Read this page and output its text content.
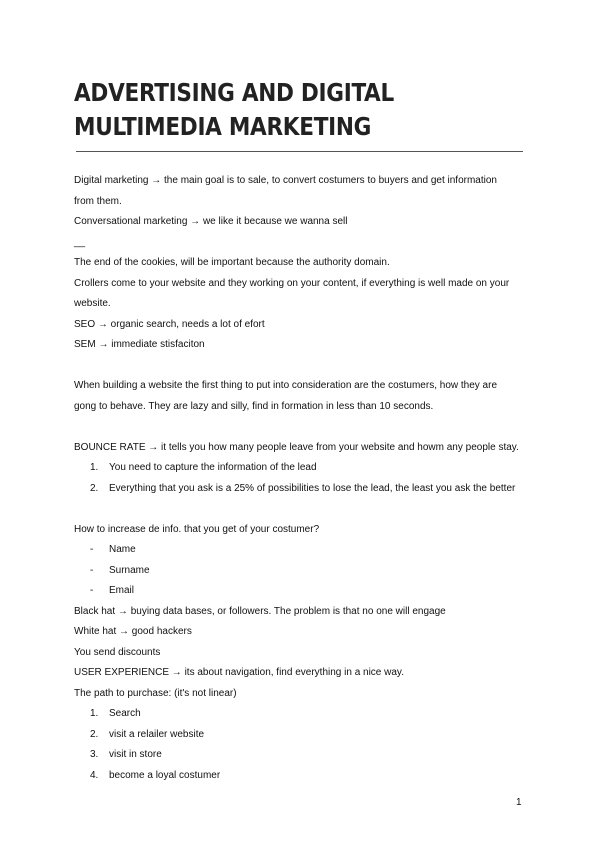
ADVERTISING AND DIGITAL MULTIMEDIA MARKETING

Digital marketing → the main goal is to sale, to convert costumers to buyers and get information

from them.

Conversational marketing → we like it because we wanna sell

__

The end of the cookies, will be important because the authority domain.

Crollers come to your website and they working on your content, if everything is well made on your

website.

SEO → organic search, needs a lot of efort

SEM → immediate stisfaciton

When building a website the first thing to put into consideration are the costumers, how they are

gong to behave. They are lazy and silly, find in formation in less than 10 seconds.

BOUNCE RATE → it tells you how many people leave from your website and howm any people stay.

1.	You need to capture the information of the lead
2.	Everything that you ask is a 25% of possibilities to lose the lead, the least you ask the better

How to increase de info. that you get of your costumer?

- Name
- Surname
- Email

Black hat → buying data bases, or followers. The problem is that no one will engage

White hat → good hackers

You send discounts

USER EXPERIENCE → its about navigation, find everything in a nice way.

The path to purchase: (it's not linear)

1.	Search
2.	visit a relailer website
3.	visit in store
4.	become a loyal costumer
1
